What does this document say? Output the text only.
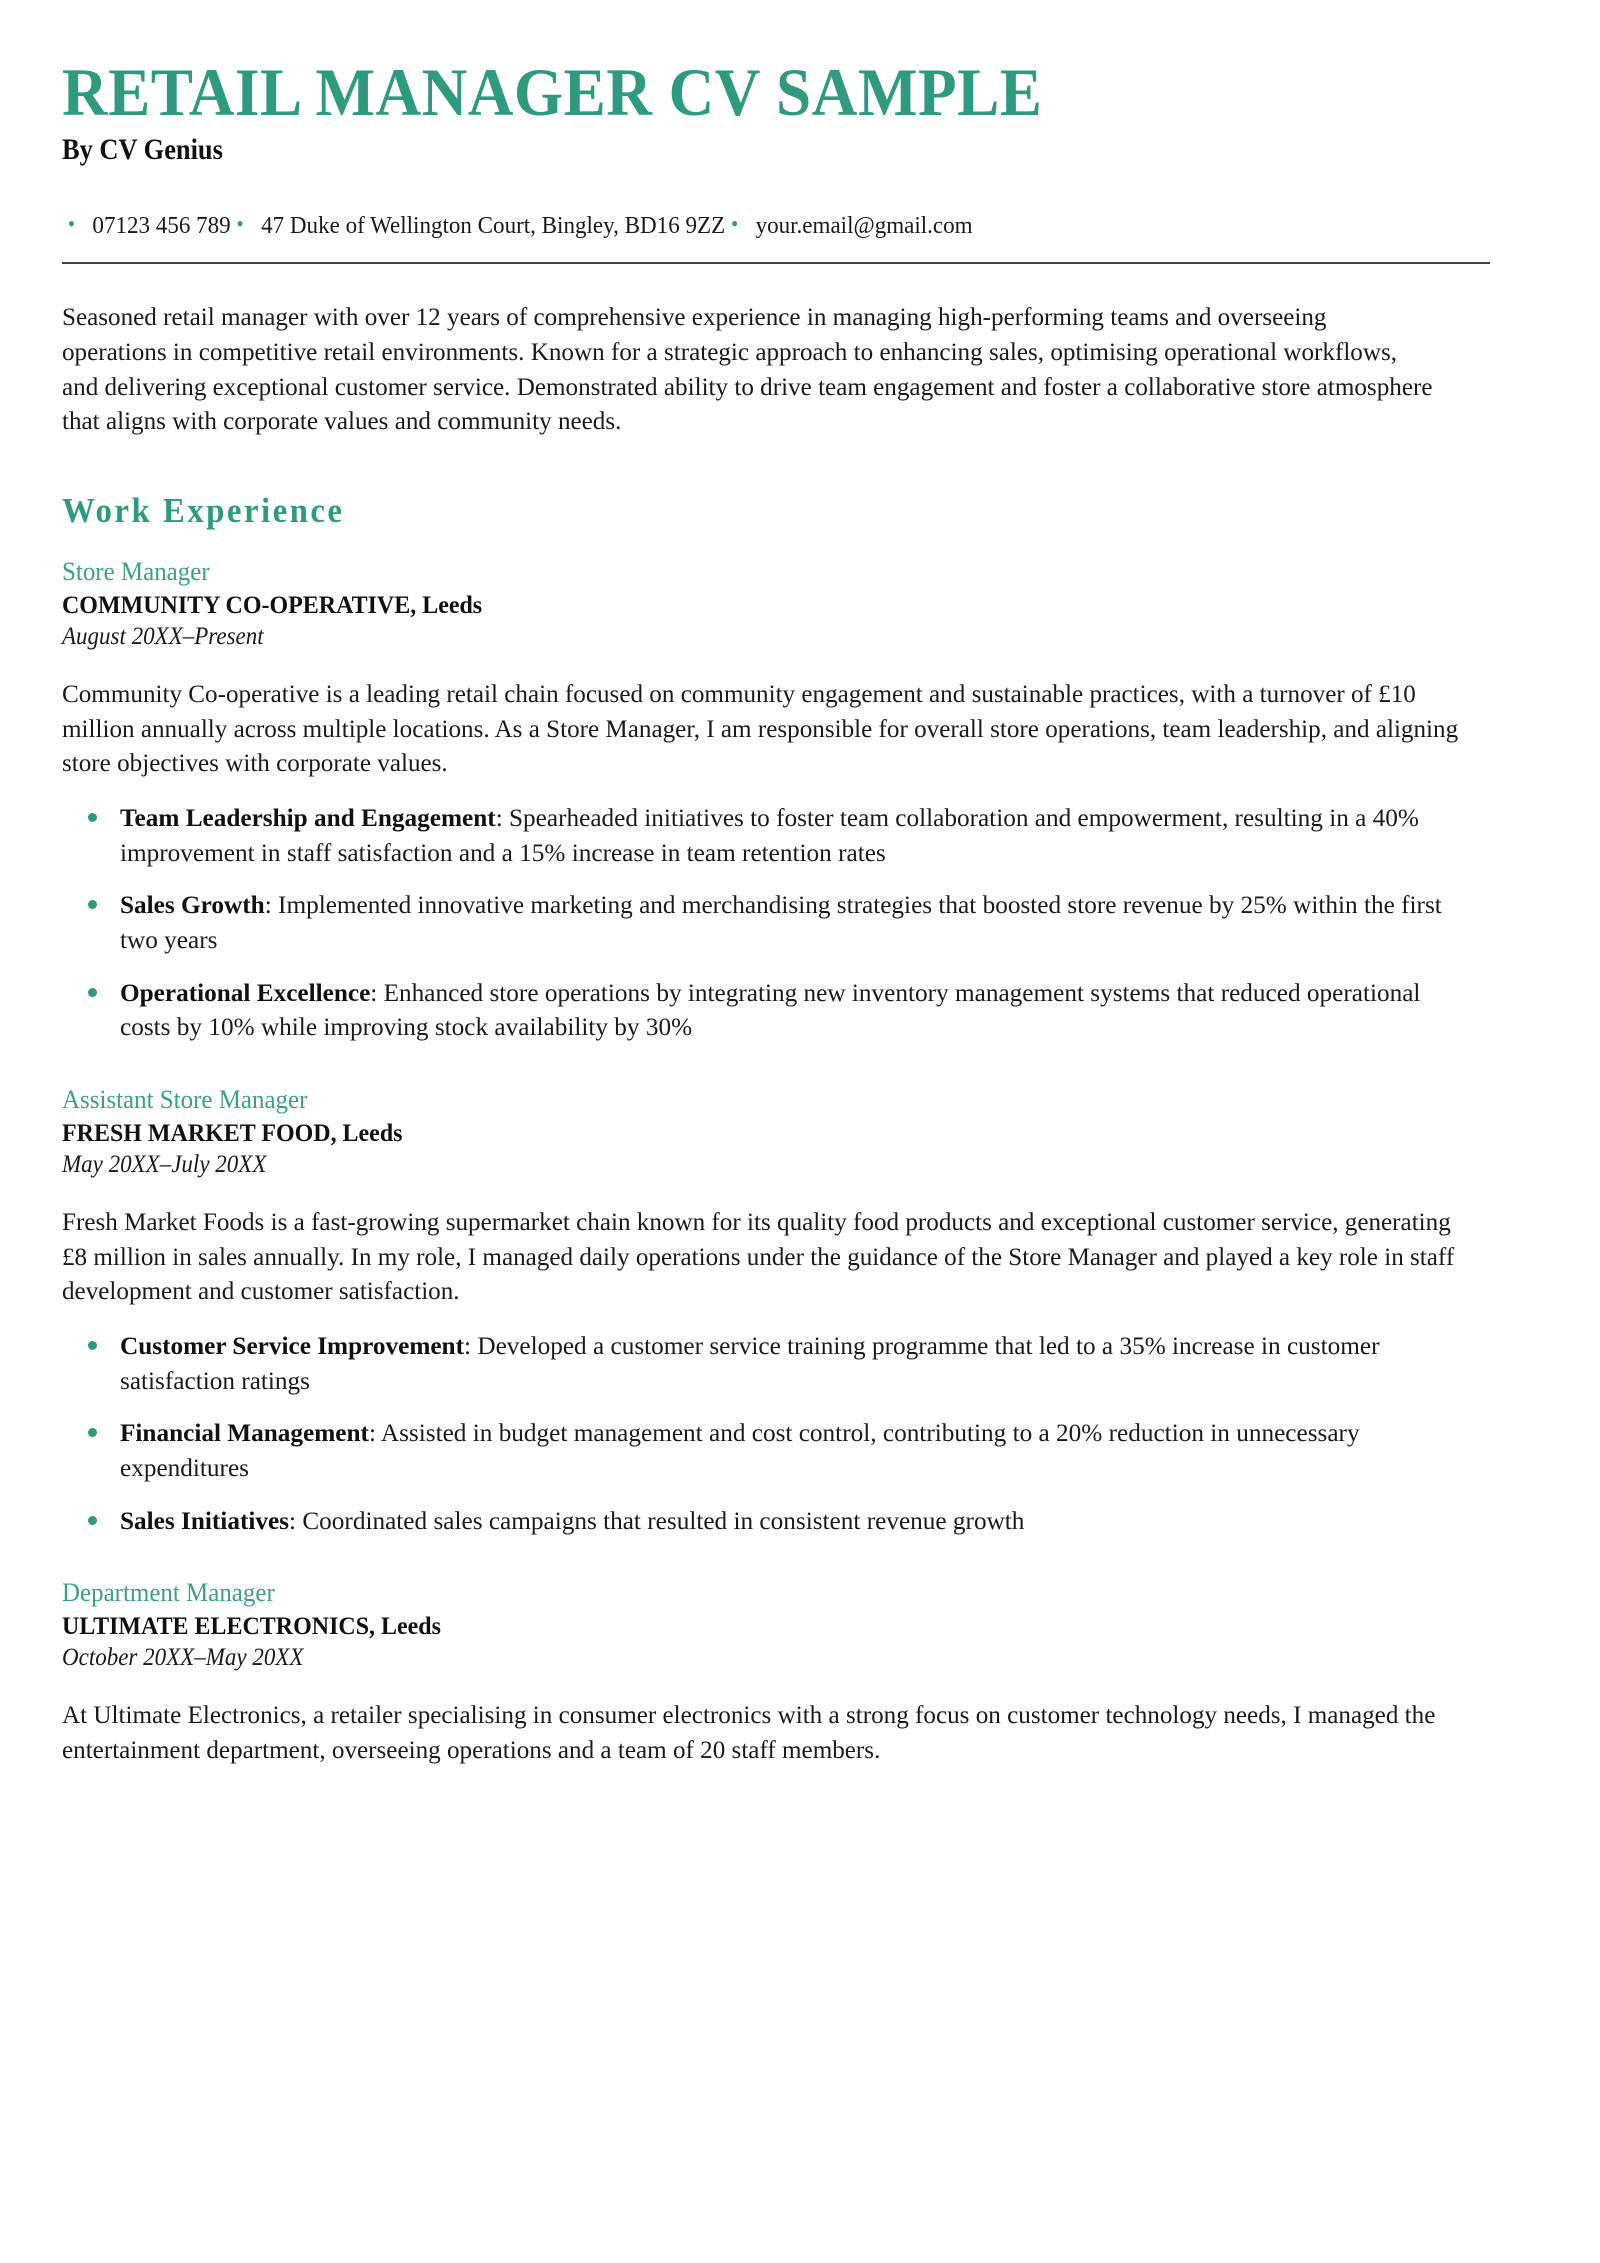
RETAIL MANAGER CV SAMPLE
By CV Genius
• 07123 456 789 • 47 Duke of Wellington Court, Bingley, BD16 9ZZ • your.email@gmail.com

Seasoned retail manager with over 12 years of comprehensive experience in managing high-performing teams and overseeing operations in competitive retail environments. Known for a strategic approach to enhancing sales, optimising operational workflows, and delivering exceptional customer service. Demonstrated ability to drive team engagement and foster a collaborative store atmosphere that aligns with corporate values and community needs.

Work Experience
Store Manager
COMMUNITY CO-OPERATIVE, Leeds
August 20XX–Present

Community Co-operative is a leading retail chain focused on community engagement and sustainable practices, with a turnover of £10 million annually across multiple locations. As a Store Manager, I am responsible for overall store operations, team leadership, and aligning store objectives with corporate values.

Team Leadership and Engagement: Spearheaded initiatives to foster team collaboration and empowerment, resulting in a 40% improvement in staff satisfaction and a 15% increase in team retention rates
Sales Growth: Implemented innovative marketing and merchandising strategies that boosted store revenue by 25% within the first two years
Operational Excellence: Enhanced store operations by integrating new inventory management systems that reduced operational costs by 10% while improving stock availability by 30%
Assistant Store Manager
FRESH MARKET FOOD, Leeds
May 20XX–July 20XX

Fresh Market Foods is a fast-growing supermarket chain known for its quality food products and exceptional customer service, generating £8 million in sales annually. In my role, I managed daily operations under the guidance of the Store Manager and played a key role in staff development and customer satisfaction.

Customer Service Improvement: Developed a customer service training programme that led to a 35% increase in customer satisfaction ratings
Financial Management: Assisted in budget management and cost control, contributing to a 20% reduction in unnecessary expenditures
Sales Initiatives: Coordinated sales campaigns that resulted in consistent revenue growth
Department Manager
ULTIMATE ELECTRONICS, Leeds
October 20XX–May 20XX

At Ultimate Electronics, a retailer specialising in consumer electronics with a strong focus on customer technology needs, I managed the entertainment department, overseeing operations and a team of 20 staff members.
